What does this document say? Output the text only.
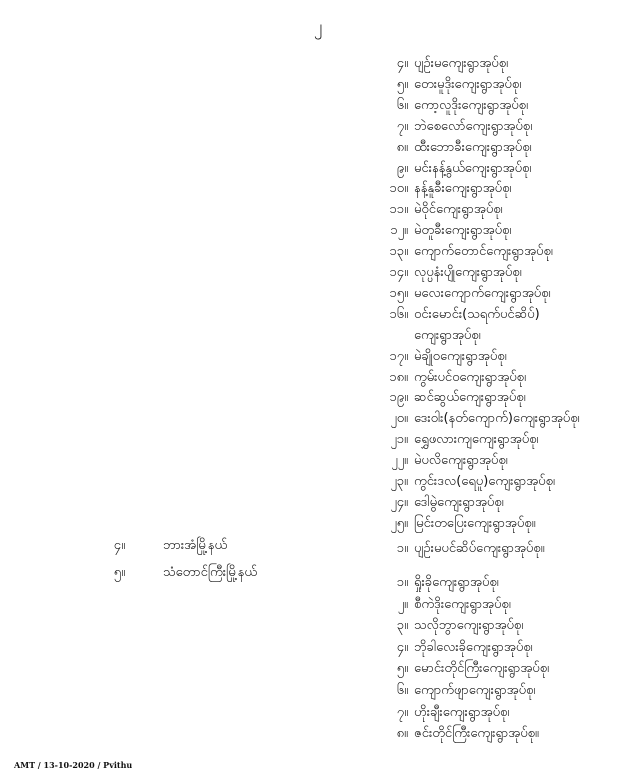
၂
၄။ ပျဉ်းမကျေးရွာအုပ်စု၊
၅။ တေးမူဒိုးကျေးရွာအုပ်စု၊
၆။ ကော့လူဒိုးကျေးရွာအုပ်စု၊
၇။ ဘဲစေလော်ကျေးရွာအုပ်စု၊
၈။ ထီးဘောခီးကျေးရွာအုပ်စု၊
၉။ မင်းနန့်နွယ်ကျေးရွာအုပ်စု၊
၁၀။ နန့်နူခီးကျေးရွာအုပ်စု၊
၁၁။ မဲဝိုင်ကျေးရွာအုပ်စု၊
၁၂။ မဲတူခီးကျေးရွာအုပ်စု၊
၁၃။ ကျောက်တောင်ကျေးရွာအုပ်စု၊
၁၄။ လုပ္ပနံးပျိုကျေးရွာအုပ်စု၊
၁၅။ မလေးကျောက်ကျေးရွာအုပ်စု၊
၁၆။ ဝင်းမောင်း(သရက်ပင်ဆိပ်)
ကျေးရွာအုပ်စု၊
၁၇။ မဲချိုဝကျေးရွာအုပ်စု၊
၁၈။ ကွမ်းပင်ဝကျေးရွာအုပ်စု၊
၁၉။ ဆင်ဆွယ်ကျေးရွာအုပ်စု၊
၂၀။ ဒေးဝါး(နတ်ကျောက်)ကျေးရွာအုပ်စု၊
၂၁။ ရွှေဖလားကျကျေးရွာအုပ်စု၊
၂၂။ မဲပလိကျေးရွာအုပ်စု၊
၂၃။ ကွင်းဒလ(ရေပူ)ကျေးရွာအုပ်စု၊
၂၄။ ဒေါမွဲကျေးရွာအုပ်စု၊
၂၅။ မြင်းတပြေးကျေးရွာအုပ်စု။
၄။	ဘားအံမြို့နယ်	၁။ ပျဉ်းမပင်ဆိပ်ကျေးရွာအုပ်စု။
၅။	သံတောင်ကြီးမြို့နယ်
၁။ ရှိုးခိုကျေးရွာအုပ်စု၊
၂။ စီကဲဒိုးကျေးရွာအုပ်စု၊
၃။ သလိုဘွာကျေးရွာအုပ်စု၊
၄။ ဘိုခါလေးခိုကျေးရွာအုပ်စု၊
၅။ မောင်းတိုင်ကြီးကျေးရွာအုပ်စု၊
၆။ ကျောက်ဖျာကျေးရွာအုပ်စု၊
၇။ ဟိုးချီးကျေးရွာအုပ်စု၊
၈။ ဇင်းတိုင်ကြီးကျေးရွာအုပ်စု။
AMT / 13-10-2020 / Pvithu
